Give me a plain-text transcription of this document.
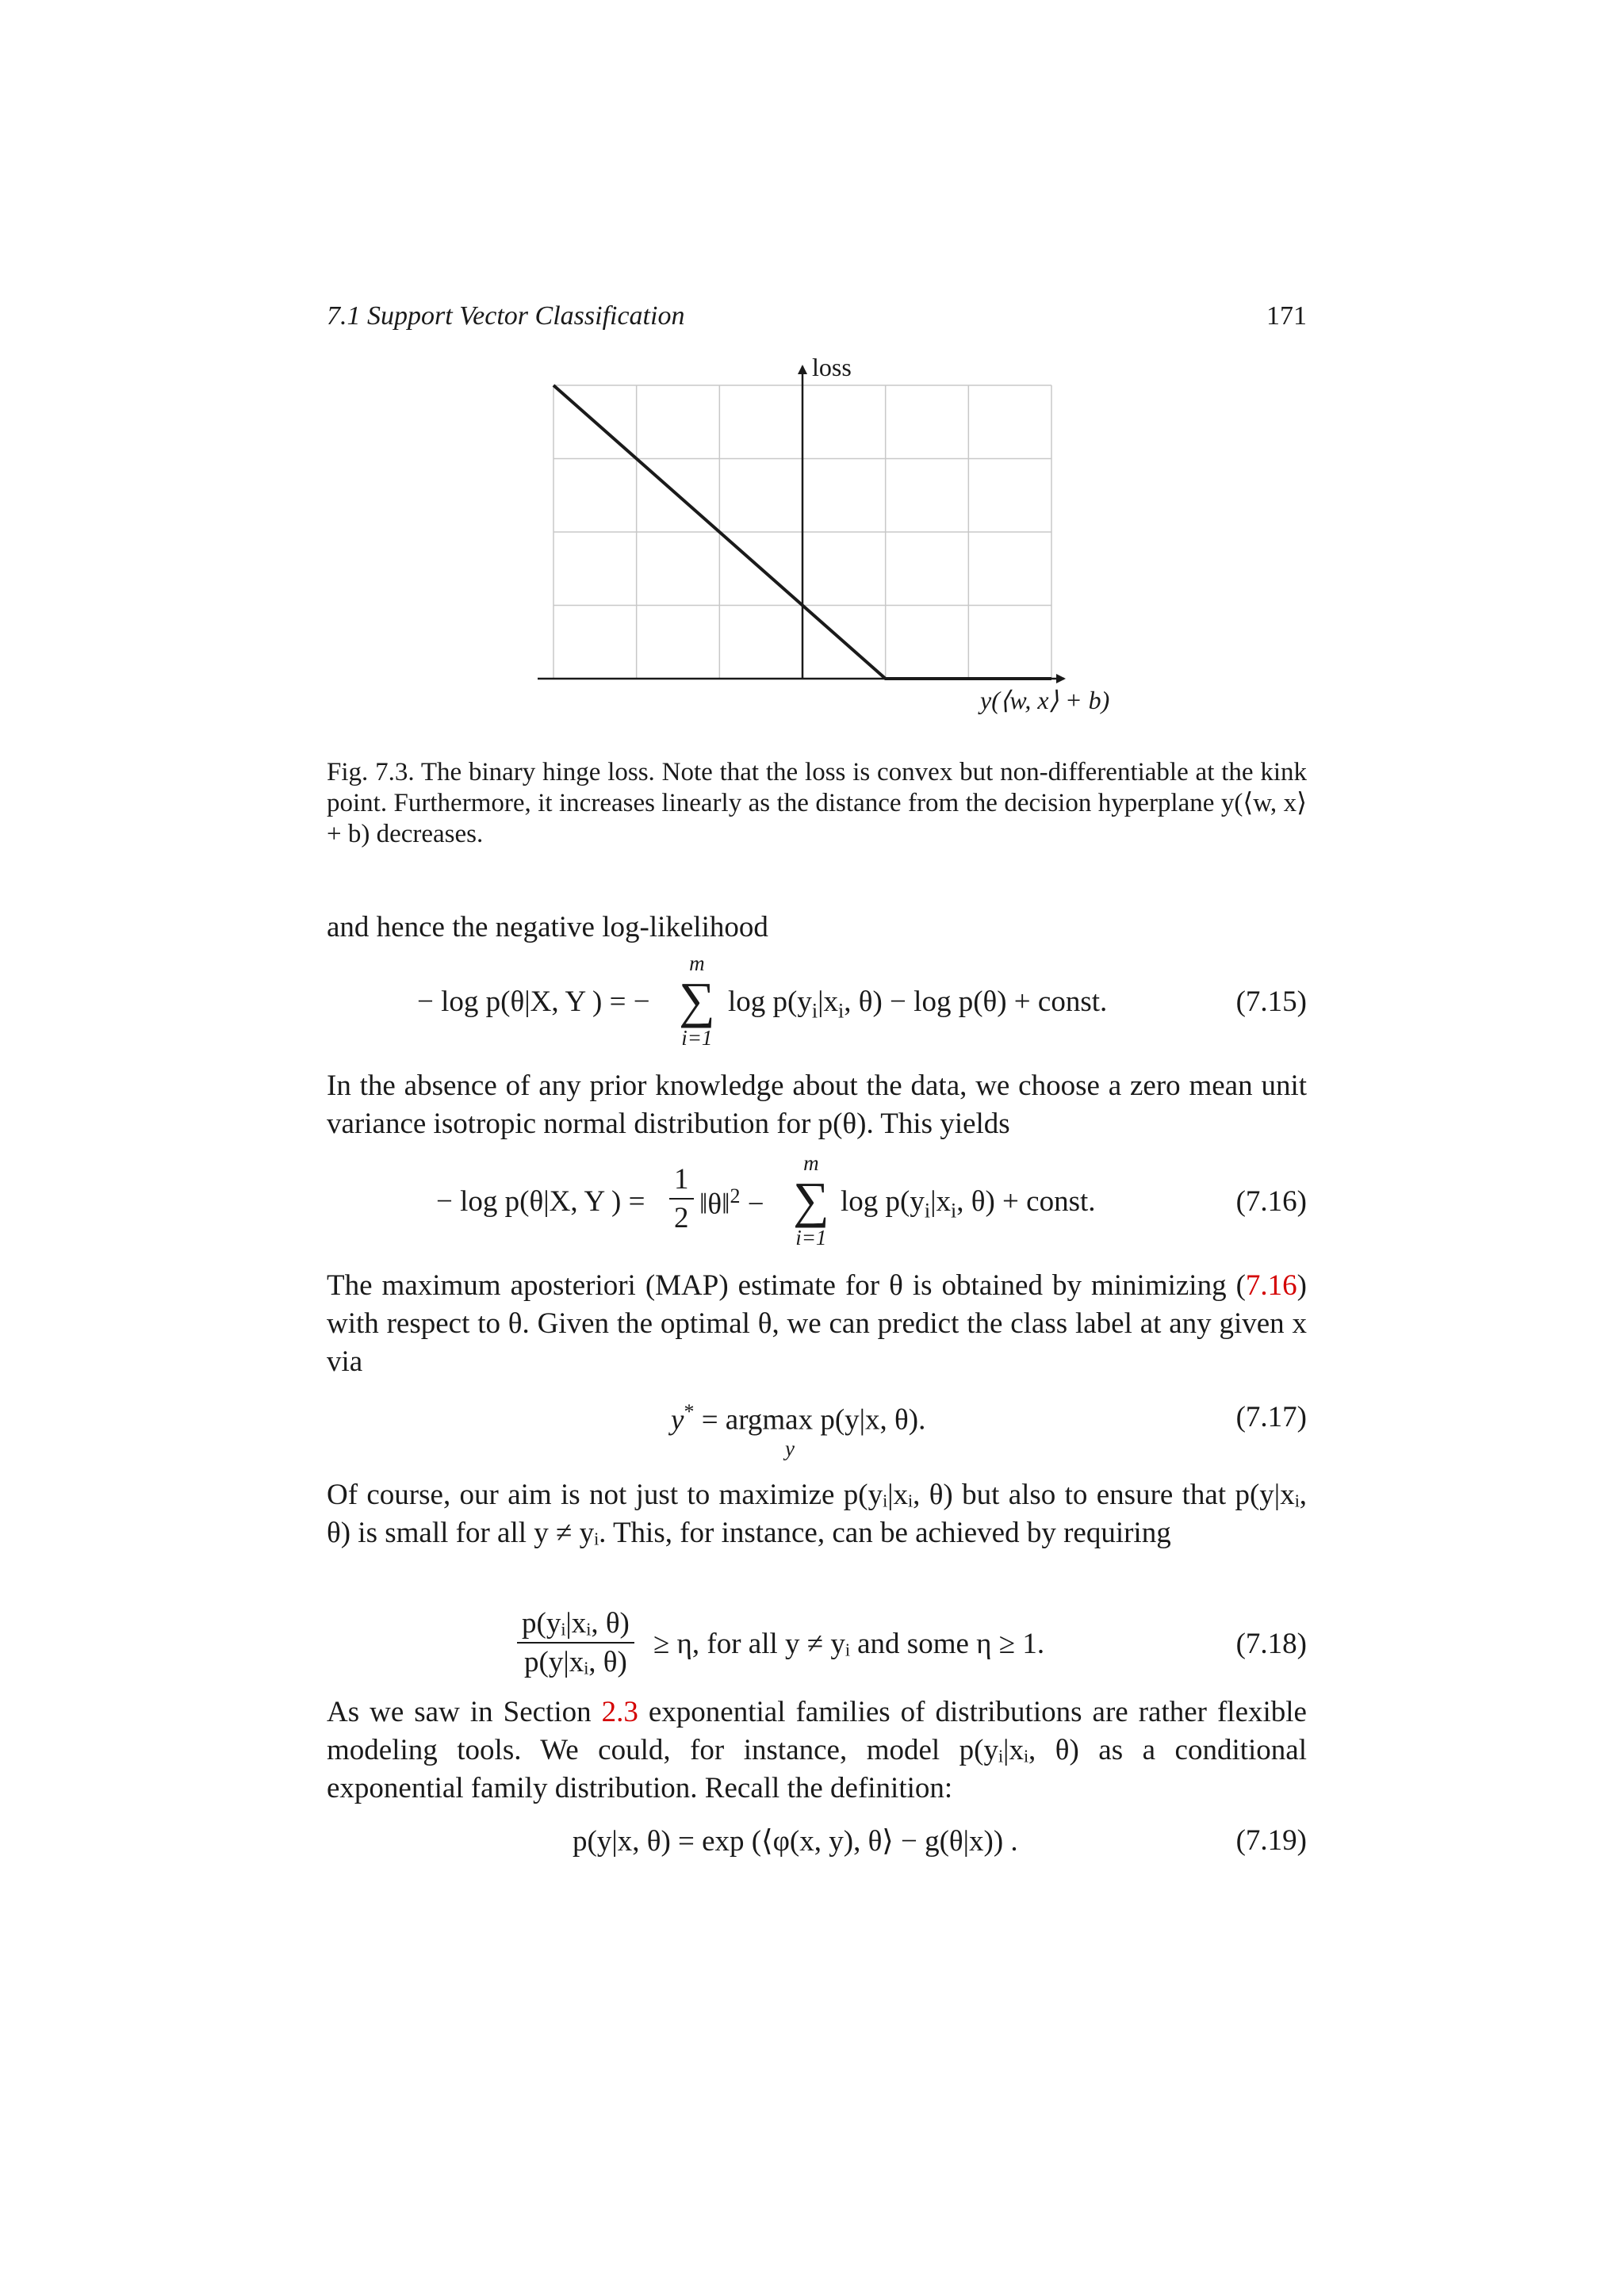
7.1 Support Vector Classification	171
loss
y(⟨w, x⟩ + b)
Fig. 7.3. The binary hinge loss. Note that the loss is convex but non-differentiable at the kink point. Furthermore, it increases linearly as the distance from the decision hyperplane y(⟨w, x⟩ + b) decreases.
and hence the negative log-likelihood
− log p(θ|X, Y ) = −
m
∑
i=1
$\log p(y_i|x_i$, θ) − log p(θ) + const.	(7.15)
In the absence of any prior knowledge about the data, we choose a zero mean unit variance isotropic normal distribution for p(θ). This yields
− log p(θ|X, Y ) = $\frac{1}{2}$ ‖θ‖$^2$ −
m
∑
i=1
$\log p(y_i|x_i$, θ) + const.	(7.16)
The maximum aposteriori (MAP) estimate for θ is obtained by minimizing (7.16) with respect to θ. Given the optimal θ, we can predict the class label at any given x via
y* = argmax p(y|x, θ).
y
(7.17)
Of course, our aim is not just to maximize p(yᵢ|xᵢ, θ) but also to ensure that p(y|xᵢ, θ) is small for all y ≠ yᵢ. This, for instance, can be achieved by requiring
$\frac{\text{p(yᵢ|xᵢ, θ)}}{\text{p(y|xᵢ, θ)}} \ge \eta$, for all y ≠ yᵢ and some η ≥ 1.	(7.18)
As we saw in Section 2.3 exponential families of distributions are rather flexible modeling tools. We could, for instance, model p(yᵢ|xᵢ, θ) as a conditional exponential family distribution. Recall the definition:
p(y|x, θ) = exp (⟨φ(x, y), θ⟩ − g(θ|x)) .	(7.19)
